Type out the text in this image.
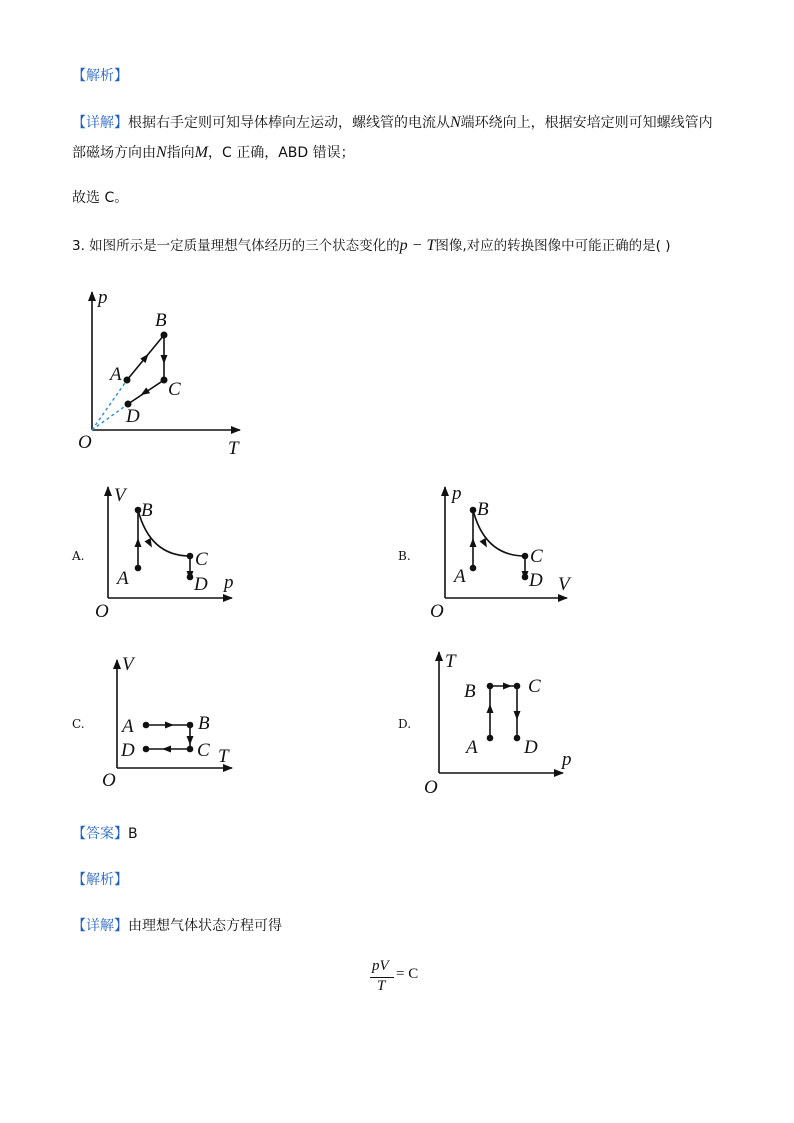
【解析】
【详解】根据右手定则可知导体棒向左运动，螺线管的电流从N端环绕向上，根据安培定则可知螺线管内
部磁场方向由N指向M，C 正确，ABD 错误；
故选 C。
3. 如图所示是一定质量理想气体经历的三个状态变化的p − T图像,对应的转换图像中可能正确的是( )
p
T
O
A
B
C
D
A.
V
p
O
A
B
C
D
B.
p
V
O
A
B
C
D
C.
V
T
O
A	B
C
D
D.
T
p
O
A
B	C
D
【答案】B
【解析】
【详解】由理想气体状态方程可得
pV
T
= C
